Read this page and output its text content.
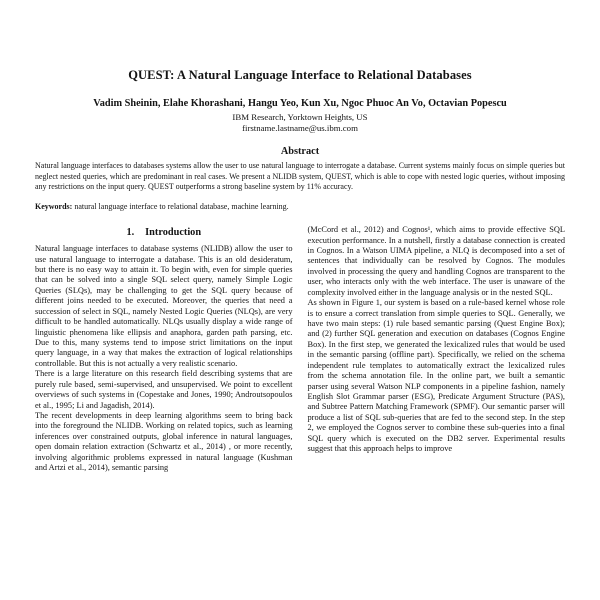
QUEST: A Natural Language Interface to Relational Databases
Vadim Sheinin, Elahe Khorashani, Hangu Yeo, Kun Xu, Ngoc Phuoc An Vo, Octavian Popescu
IBM Research, Yorktown Heights, US
firstname.lastname@us.ibm.com
Abstract

Natural language interfaces to databases systems allow the user to use natural language to interrogate a database. Current systems mainly focus on simple queries but neglect nested queries, which are predominant in real cases. We present a NLIDB system, QUEST, which is able to cope with nested logic queries, without imposing any restrictions on the input query. QUEST outperforms a strong baseline system by 11% accuracy.

Keywords: natural language interface to relational database, machine learning.

1. Introduction

Natural language interfaces to database systems (NLIDB) allow the user to use natural language to interrogate a database. This is an old desideratum, but there is no easy way to attain it. To begin with, even for simple queries that can be solved into a single SQL select query, namely Simple Logic Queries (SLQs), may be challenging to get the SQL query because of different joins needed to be executed. Moreover, the queries that need a succession of select in SQL, namely Nested Logic Queries (NLQs), are very difficult to be handled automatically. NLQs usually display a wide range of linguistic phenomena like ellipsis and anaphora, garden path parsing, etc. Due to this, many systems tend to impose strict limitations on the input query language, in a way that makes the extraction of logical relationships controllable. But this is not actually a very realistic scenario.

There is a large literature on this research field describing systems that are purely rule based, semi-supervised, and unsupervised. We point to excellent overviews of such systems in (Copestake and Jones, 1990; Androutsopoulos et al., 1995; Li and Jagadish, 2014).

The recent developments in deep learning algorithms seem to bring back into the foreground the NLIDB. Working on related topics, such as learning inferences over constrained outputs, global inference in natural languages, open domain relation extraction (Schwartz et al., 2014) , or more recently, involving algorithmic problems expressed in natural language (Kushman and Artzi et al., 2014), semantic parsing

(McCord et al., 2012) and Cognos¹, which aims to provide effective SQL execution performance. In a nutshell, firstly a database connection is created in Cognos. In a Watson UIMA pipeline, a NLQ is decomposed into a set of sentences that individually can be resolved by Cognos. The modules involved in processing the query and handling Cognos are transparent to the user, who interacts only with the web interface. The user is unaware of the complexity involved either in the language analysis or in the nested SQL.

As shown in Figure 1, our system is based on a rule-based kernel whose role is to ensure a correct translation from simple queries to SQL. Generally, we have two main steps: (1) rule based semantic parsing (Quest Engine Box); and (2) further SQL generation and execution on databases (Cognos Engine Box). In the first step, we generated the lexicalized rules that would be used in the semantic parsing (offline part). Specifically, we relied on the schema independent rule templates to automatically extract the lexicalized rules from the schema annotation file. In the online part, we built a semantic parser using several Watson NLP components in a pipeline fashion, namely English Slot Grammar parser (ESG), Predicate Argument Structure (PAS), and Subtree Pattern Matching Framework (SPMF). Our semantic parser will produce a list of SQL sub-queries that are fed to the second step. In the step 2, we employed the Cognos server to combine these sub-queries into a final SQL query which is executed on the DB2 server. Experimental results suggest that this approach helps to improve
